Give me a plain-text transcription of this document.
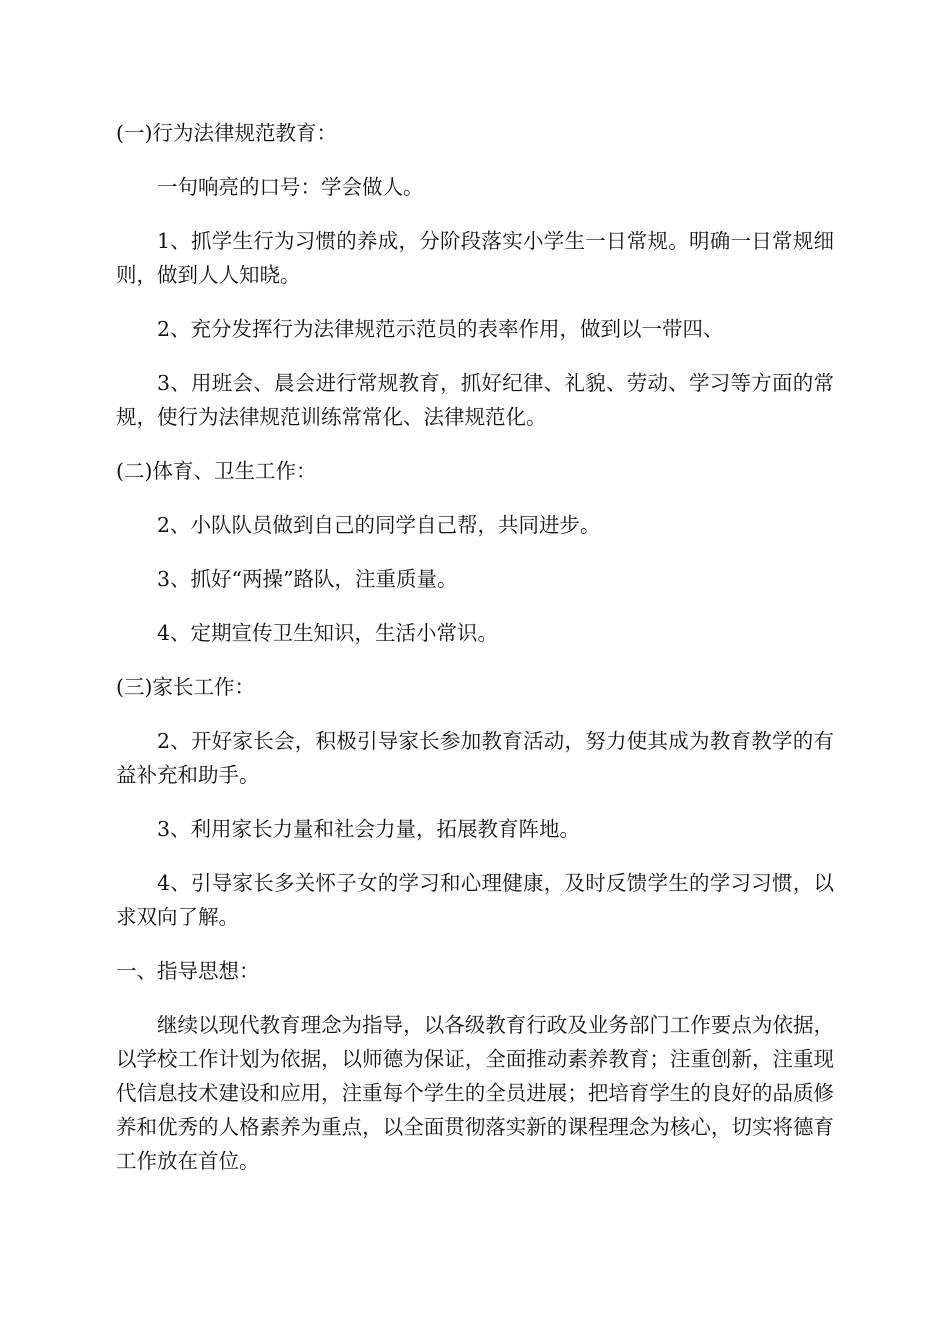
(一)行为法律规范教育：

一句响亮的口号：学会做人。

1、抓学生行为习惯的养成，分阶段落实小学生一日常规。明确一日常规细则，做到人人知晓。

2、充分发挥行为法律规范示范员的表率作用，做到以一带四、

3、用班会、晨会进行常规教育，抓好纪律、礼貌、劳动、学习等方面的常规，使行为法律规范训练常常化、法律规范化。

(二)体育、卫生工作：

2、小队队员做到自己的同学自己帮，共同进步。

3、抓好“两操”路队，注重质量。

4、定期宣传卫生知识，生活小常识。

(三)家长工作：

2、开好家长会，积极引导家长参加教育活动，努力使其成为教育教学的有益补充和助手。

3、利用家长力量和社会力量，拓展教育阵地。

4、引导家长多关怀子女的学习和心理健康，及时反馈学生的学习习惯，以求双向了解。

一、指导思想：

继续以现代教育理念为指导，以各级教育行政及业务部门工作要点为依据，以学校工作计划为依据，以师德为保证，全面推动素养教育；注重创新，注重现代信息技术建设和应用，注重每个学生的全员进展；把培育学生的良好的品质修养和优秀的人格素养为重点，以全面贯彻落实新的课程理念为核心，切实将德育工作放在首位。
